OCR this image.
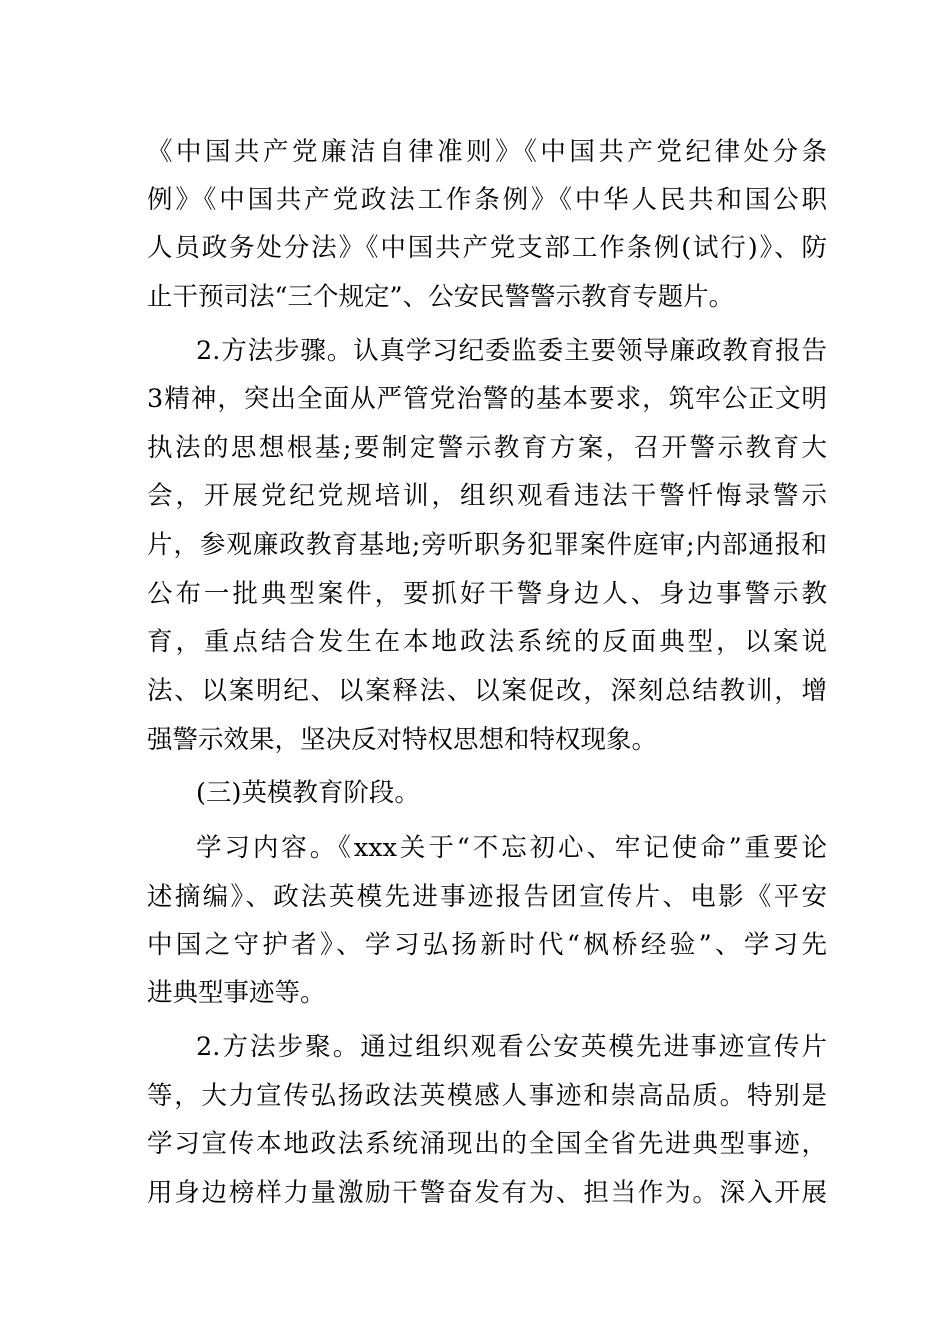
《中国共产党廉洁自律准则》《中国共产党纪律处分条
例》《中国共产党政法工作条例》《中华人民共和国公职
人员政务处分法》《中国共产党支部工作条例(试行)》、防
止干预司法“三个规定”、公安民警警示教育专题片。
2.方法步骤。认真学习纪委监委主要领导廉政教育报告
3精神，突出全面从严管党治警的基本要求，筑牢公正文明
执法的思想根基;要制定警示教育方案，召开警示教育大
会，开展党纪党规培训，组织观看违法干警忏悔录警示
片，参观廉政教育基地;旁听职务犯罪案件庭审;内部通报和
公布一批典型案件，要抓好干警身边人、身边事警示教
育，重点结合发生在本地政法系统的反面典型，以案说
法、以案明纪、以案释法、以案促改，深刻总结教训，增
强警示效果，坚决反对特权思想和特权现象。
(三)英模教育阶段。
学习内容。《xxx关于“不忘初心、牢记使命”重要论
述摘编》、政法英模先进事迹报告团宣传片、电影《平安
中国之守护者》、学习弘扬新时代“枫桥经验”、学习先
进典型事迹等。
2.方法步聚。通过组织观看公安英模先进事迹宣传片
等，大力宣传弘扬政法英模感人事迹和崇高品质。特别是
学习宣传本地政法系统涌现出的全国全省先进典型事迹，
用身边榜样力量激励干警奋发有为、担当作为。深入开展
